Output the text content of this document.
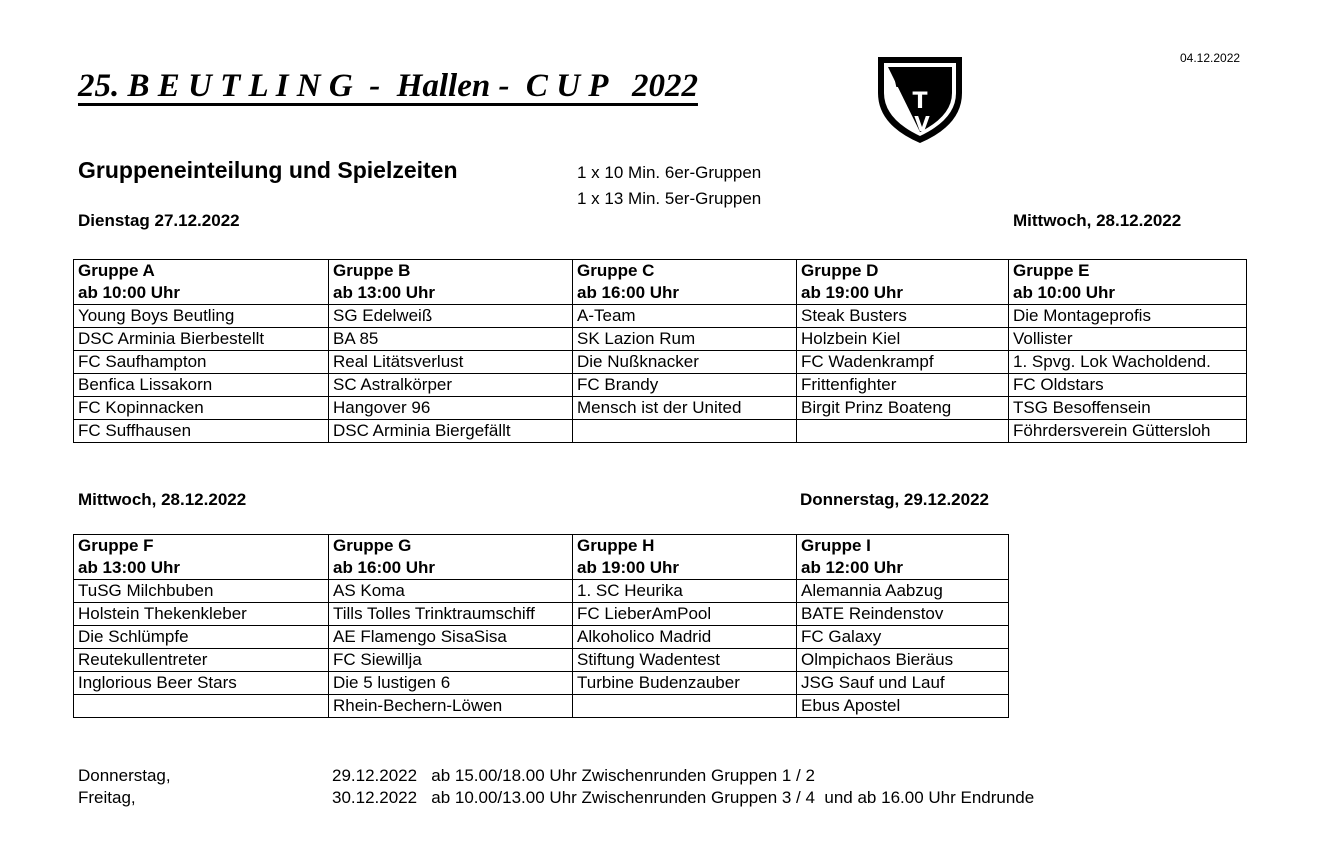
04.12.2022
25. B E U T L I N G  -  Hallen -  C U P   2022	W
T
V
Gruppeneinteilung und Spielzeiten	1 x 10 Min. 6er-Gruppen
1 x 13 Min. 5er-Gruppen
Dienstag 27.12.2022	Mittwoch, 28.12.2022
Gruppe A	Gruppe B	Gruppe C	Gruppe D	Gruppe E
ab 10:00 Uhr	ab 13:00 Uhr	ab 16:00 Uhr	ab 19:00 Uhr	ab 10:00 Uhr
Young Boys Beutling	SG Edelweiß	A-Team	Steak Busters	Die Montageprofis
DSC Arminia Bierbestellt	BA 85	SK Lazion Rum	Holzbein Kiel	Vollister
FC Saufhampton	Real Litätsverlust	Die Nußknacker	FC Wadenkrampf	1. Spvg. Lok Wacholdend.
Benfica Lissakorn	SC Astralkörper	FC Brandy	Frittenfighter	FC Oldstars
FC Kopinnacken	Hangover 96	Mensch ist der United	Birgit Prinz Boateng	TSG Besoffensein
FC Suffhausen	DSC Arminia Biergefällt			Föhrdersverein Güttersloh
Mittwoch, 28.12.2022	Donnerstag, 29.12.2022
Gruppe F	Gruppe G	Gruppe H	Gruppe I
ab 13:00 Uhr	ab 16:00 Uhr	ab 19:00 Uhr	ab 12:00 Uhr
TuSG Milchbuben	AS Koma	1. SC Heurika	Alemannia Aabzug
Holstein Thekenkleber	Tills Tolles Trinktraumschiff	FC LieberAmPool	BATE Reindenstov
Die Schlümpfe	AE Flamengo SisaSisa	Alkoholico Madrid	FC Galaxy
Reutekullentreter	FC Siewillja	Stiftung Wadentest	Olmpichaos Bieräus
Inglorious Beer Stars	Die 5 lustigen 6	Turbine Budenzauber	JSG Sauf und Lauf
	Rhein-Bechern-Löwen		Ebus Apostel
Donnerstag,	29.12.2022   ab 15.00/18.00 Uhr Zwischenrunden Gruppen 1 / 2
Freitag,	30.12.2022   ab 10.00/13.00 Uhr Zwischenrunden Gruppen 3 / 4  und ab 16.00 Uhr Endrunde
